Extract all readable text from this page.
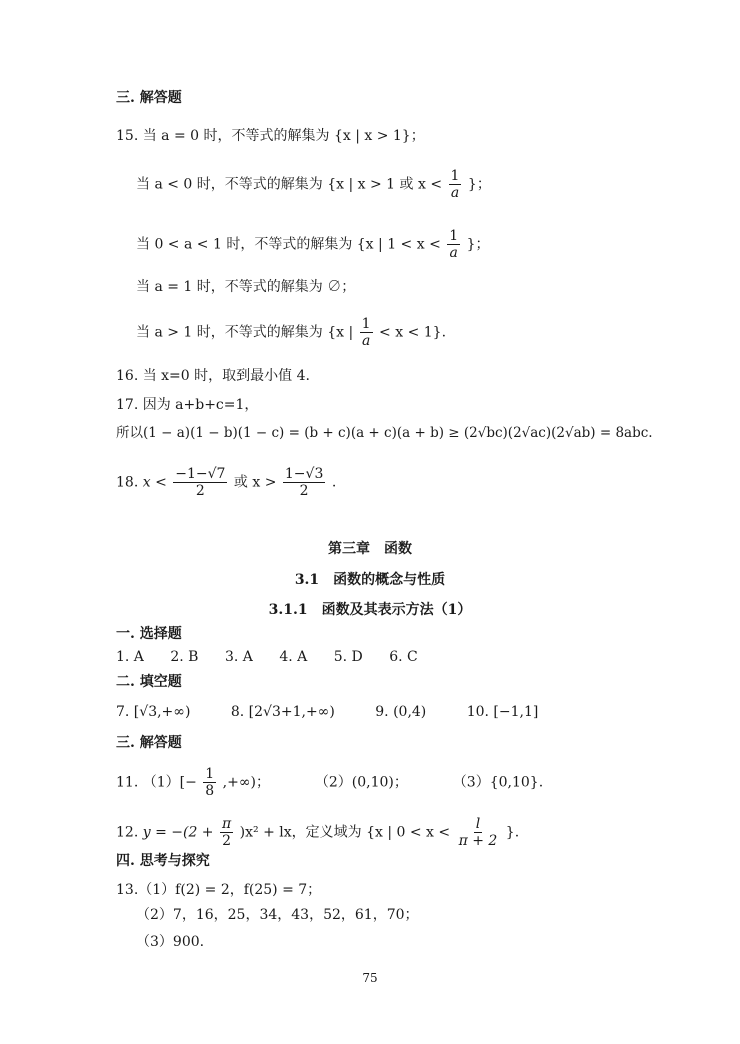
三. 解答题
15. 当 a = 0 时，不等式的解集为 {x | x > 1}；
当 a < 0 时，不等式的解集为 {x | x > 1 或 $x < \frac{1}{a}$ }；
当 0 < a < 1 时，不等式的解集为 {x | $1 < x < \frac{1}{a}$ }；
当 a = 1 时，不等式的解集为 ∅；
当 a > 1 时，不等式的解集为 {x | $\frac{1}{a} < x < 1$}.
16. 当 x=0 时，取到最小值 4.
17. 因为 a+b+c=1，
所以(1 − a)(1 − b)(1 − c) = (b + c)(a + c)(a + b) ≥ (2√bc)(2√ac)(2√ab) = 8abc.
18. $x < \frac{-1-√7}{2}$ 或 $x > \frac{1-√3}{2}$ .
第三章　函数
3.1　函数的概念与性质
3.1.1　函数及其表示方法（1）
一. 选择题
1. A 2. B 3. A 4. A 5. D 6. C
二. 填空题
7. [√3,+∞)	8. [2√3+1,+∞)	9. (0,4)	10. [−1,1]
三. 解答题
11. $(1)[- \frac{1}{8}$ ,+∞)；	（2）(0,10)；	（3）{0,10}.
12. $y = -(2 + \frac{\pi}{2} )x^2$ + lx，定义域为 {x | $0 < x < \frac{l}{\pi + 2}$ }.
四. 思考与探究
13.（1）f(2) = 2，f(25) = 7；
（2）7，16，25，34，43，52，61，70；
（3）900.
75
